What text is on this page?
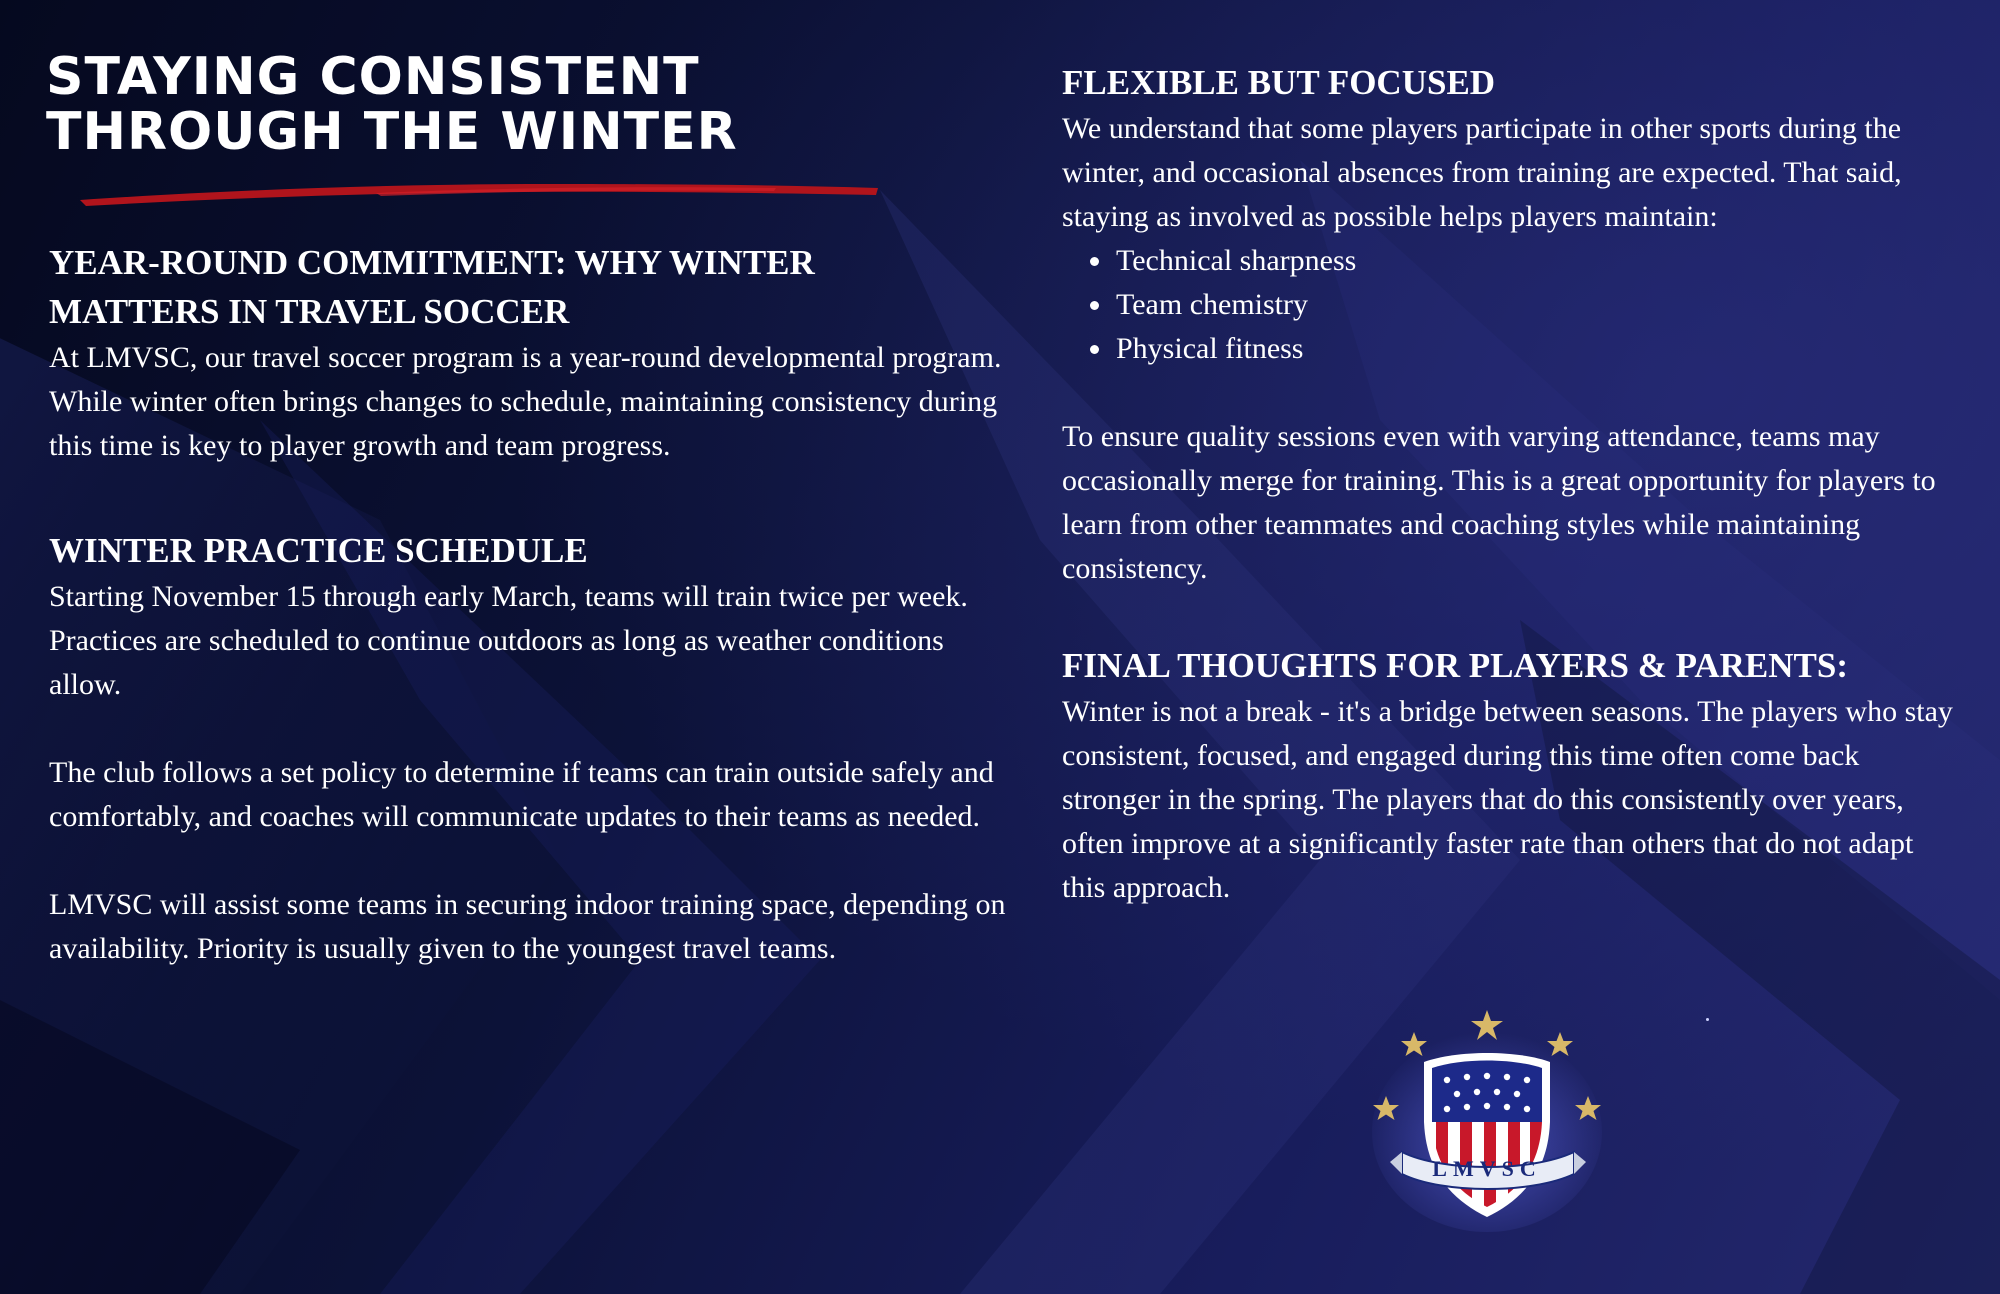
STAYING CONSISTENT
THROUGH THE WINTER
YEAR-ROUND COMMITMENT: WHY WINTER
MATTERS IN TRAVEL SOCCER

At LMVSC, our travel soccer program is a year-round developmental program. While winter often brings changes to schedule, maintaining consistency during this time is key to player growth and team progress.

WINTER PRACTICE SCHEDULE

Starting November 15 through early March, teams will train twice per week. Practices are scheduled to continue outdoors as long as weather conditions allow.

The club follows a set policy to determine if teams can train outside safely and comfortably, and coaches will communicate updates to their teams as needed.

LMVSC will assist some teams in securing indoor training space, depending on availability. Priority is usually given to the youngest travel teams.

FLEXIBLE BUT FOCUSED

We understand that some players participate in other sports during the winter, and occasional absences from training are expected. That said, staying as involved as possible helps players maintain:

• Technical sharpness
• Team chemistry
• Physical fitness

To ensure quality sessions even with varying attendance, teams may occasionally merge for training. This is a great opportunity for players to learn from other teammates and coaching styles while maintaining consistency.

FINAL THOUGHTS FOR PLAYERS & PARENTS:

Winter is not a break - it's a bridge between seasons. The players who stay consistent, focused, and engaged during this time often come back stronger in the spring. The players that do this consistently over years, often improve at a significantly faster rate than others that do not adapt this approach.

LMVSC
